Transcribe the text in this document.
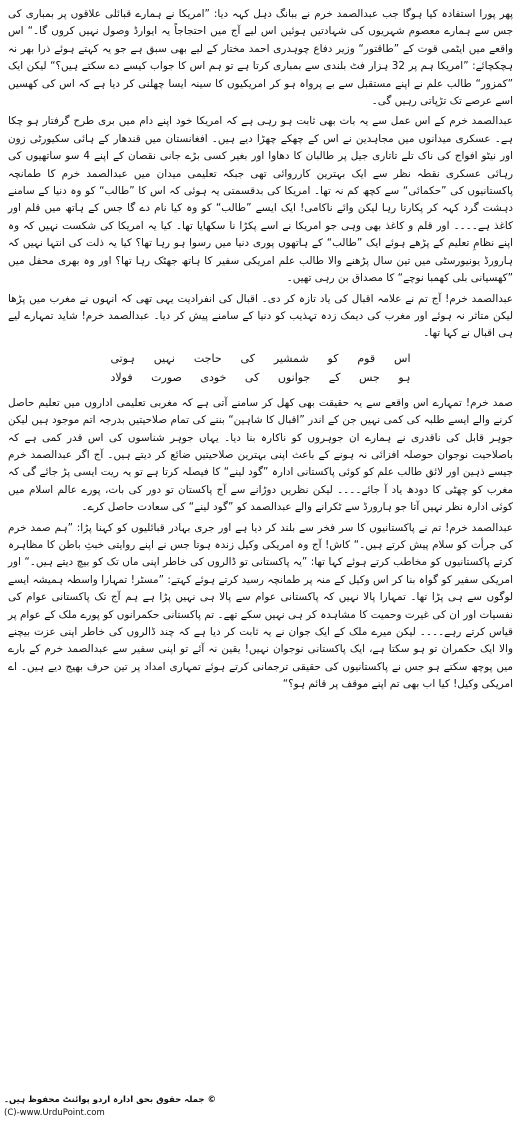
پھر پورا استفادہ کیا ہوگا جب عبدالصمد خرم نے ببانگ دہل کہہ دیا: ”امریکا نے ہمارے قبائلی علاقوں پر بمباری کی جس سے ہمارے معصوم شہریوں کی شہادتیں ہوئیں اس لیے آج میں احتجاجاً یہ ایوارڈ وصول نہیں کروں گا۔“ اس واقعے میں ایٹمی قوت کے ”طاقتور“ وزیر دفاع چوہدری احمد مختار کے لیے بھی سبق ہے جو یہ کہتے ہوئے ذرا بھر نہ ہچکچائے: ”امریکا ہم پر 32 ہزار فٹ بلندی سے بمباری کرتا ہے تو ہم اس کا جواب کیسے دے سکتے ہیں؟“ لیکن ایک ”کمزور“ طالب علم نے اپنے مستقبل سے بے پرواہ ہو کر امریکیوں کا سینہ ایسا چھلنی کر دیا ہے کہ اس کی کھسیں اسے عرصے تک تڑپاتی رہیں گی۔

عبدالصمد خرم کے اس عمل سے یہ بات بھی ثابت ہو رہی ہے کہ امریکا خود اپنے دام میں بری طرح گرفتار ہو چکا ہے۔ عسکری میدانوں میں مجاہدین نے اس کے چھکے چھڑا دیے ہیں۔ افغانستان میں قندھار کے ہائی سکیورٹی زون اور نیٹو افواج کی ناک تلے تاتاری جیل پر طالبان کا دھاوا اور بغیر کسی بڑے جانی نقصان کے اپنے 4 سو ساتھیوں کی رہائی عسکری نقطہ نظر سے ایک بہترین کارروائی تھی جبکہ تعلیمی میدان میں عبدالصمد خرم کا طمانچہ پاکستانیوں کی ”حکمائی“ سے کچھ کم نہ تھا۔ امریکا کی بدقسمتی یہ ہوئی کہ اس کا ”طالب“ کو وہ دنیا کے سامنے دہشت گرد کہہ کر پکارتا رہا لیکن وائے ناکامی! ایک ایسے ”طالب“ کو وہ کیا نام دے گا جس کے ہاتھ میں قلم اور کاغذ ہے۔۔۔۔ اور قلم و کاغذ بھی وہی جو امریکا نے اسے پکڑا نا سکھایا تھا۔ کیا یہ امریکا کی شکست نہیں کہ وہ اپنے نظامِ تعلیم کے پڑھے ہوئے ایک ”طالب“ کے ہاتھوں پوری دنیا میں رسوا ہو رہا تھا؟ کیا یہ ذلت کی انتہا نہیں کہ ہارورڈ یونیورسٹی میں تین سال پڑھنے والا طالب علم امریکی سفیر کا ہاتھ جھٹک رہا تھا؟ اور وہ بھری محفل میں ”کھسیانی بلی کھمبا نوچے“ کا مصداق بن رہی تھیں۔

عبدالصمد خرم! آج تم نے علامہ اقبال کی یاد تازہ کر دی۔ اقبال کی انفرادیت یہی تھی کہ انہوں نے مغرب میں پڑھا لیکن متاثر نہ ہوئے اور مغرب کی دیمک زدہ تہذیب کو دنیا کے سامنے پیش کر دیا۔ عبدالصمد خرم! شاید تمہارے لیے ہی اقبال نے کہا تھا۔

اس قوم کو شمشیر کی حاجت نہیں ہوتی
ہو جس کے جوانوں کی خودی صورت فولاد

صمد خرم! تمہارے اس واقعے سے یہ حقیقت بھی کھل کر سامنے آتی ہے کہ مغربی تعلیمی اداروں میں تعلیم حاصل کرنے والے ایسے طلبہ کی کمی نہیں جن کے اندر ”اقبال کا شاہین“ بننے کی تمام صلاحیتیں بدرجہ اتم موجود ہیں لیکن جوہر قابل کی ناقدری نے ہمارے ان جوہروں کو ناکارہ بنا دیا۔ یہاں جوہر شناسوں کی اس قدر کمی ہے کہ باصلاحیت نوجوان حوصلہ افزائی نہ ہونے کے باعث اپنی بہترین صلاحیتیں ضائع کر دیتے ہیں۔ آج اگر عبدالصمد خرم جیسے ذہین اور لائق طالب علم کو کوئی پاکستانی ادارہ ”گود لینے“ کا فیصلہ کرتا ہے تو یہ ریت ایسی پڑ جائے گی کہ مغرب کو چھٹی کا دودھ یاد آ جائے۔۔۔۔ لیکن نظریں دوڑانے سے آج پاکستان تو دور کی بات، پورے عالم اسلام میں کوئی ادارہ نظر نہیں آتا جو ہارورڈ سے ٹکرانے والے عبدالصمد کو ”گود لینے“ کی سعادت حاصل کرے۔

عبدالصمد خرم! تم نے پاکستانیوں کا سر فخر سے بلند کر دیا ہے اور جری بہادر قبائلیوں کو کہنا پڑا: ”ہم صمد خرم کی جرأت کو سلام پیش کرتے ہیں۔“ کاش! آج وہ امریکی وکیل زندہ ہوتا جس نے اپنے روایتی خبثِ باطن کا مظاہرہ کرتے پاکستانیوں کو مخاطب کرتے ہوئے کہا تھا: ”یہ پاکستانی تو ڈالروں کی خاطر اپنی ماں تک کو بیچ دیتے ہیں۔“ اور امریکی سفیر کو گواہ بنا کر اس وکیل کے منہ پر طمانچہ رسید کرتے ہوئے کہتے: ”مسٹر! تمہارا واسطہ ہمیشہ ایسے لوگوں سے ہی پڑا تھا۔ تمہارا پالا نہیں کہ پاکستانی عوام سے پالا ہی نہیں پڑا ہے ہم آج تک پاکستانی عوام کی نفسیات اور ان کی غیرت وحمیت کا مشاہدہ کر ہی نہیں سکے تھے۔ تم پاکستانی حکمرانوں کو پورے ملک کے عوام پر قیاس کرتے رہے۔۔۔۔ لیکن میرے ملک کے ایک جوان نے یہ ثابت کر دیا ہے کہ چند ڈالروں کی خاطر اپنی عزت بیچنے والا ایک حکمران تو ہو سکتا ہے، ایک پاکستانی نوجوان نہیں! یقین نہ آئے تو اپنی سفیر سے عبدالصمد خرم کے بارے میں پوچھ سکتے ہو جس نے پاکستانیوں کی حقیقی ترجمانی کرتے ہوئے تمہاری امداد پر تین حرف بھیج دیے ہیں۔ اے امریکی وکیل! کیا اب بھی تم اپنے موقف پر قائم ہو؟“

© جملہ حقوق بحق ادارہ اردو پوائنٹ محفوظ ہیں۔
(C)-www.UrduPoint.com
